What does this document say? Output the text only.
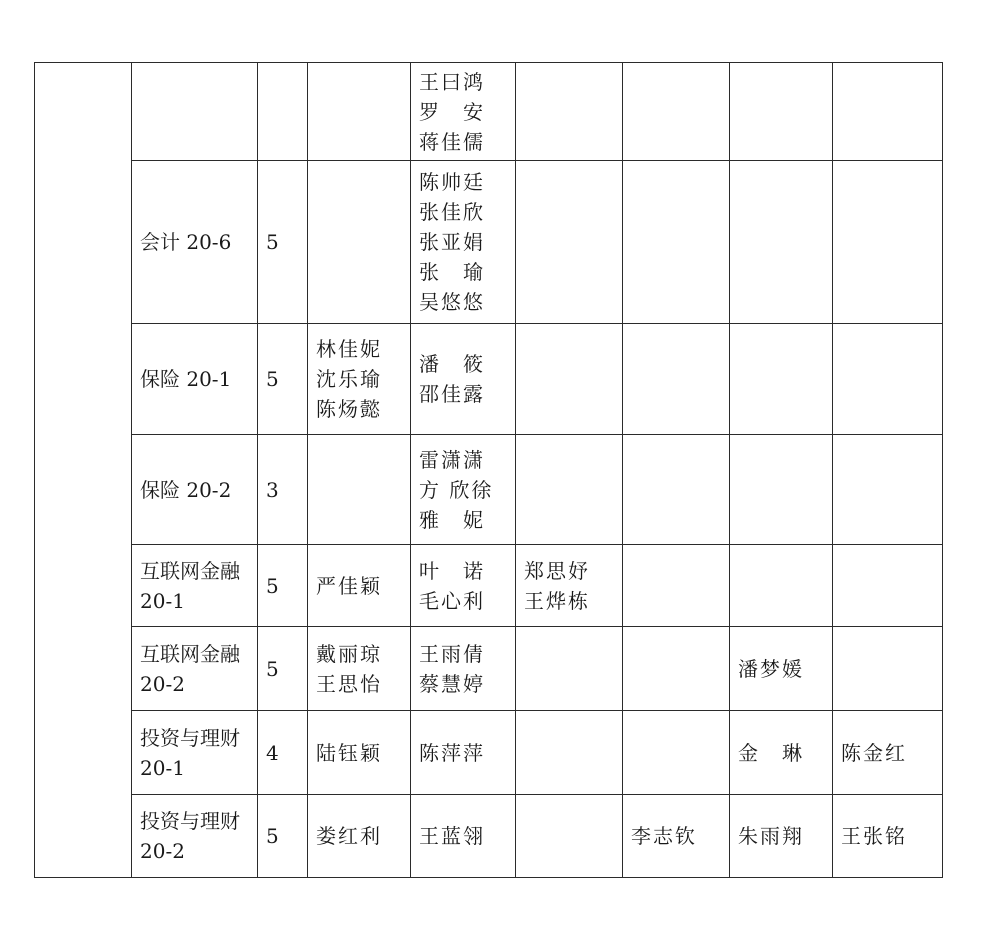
				王曰鸿
罗　安
蒋佳儒				

	会计 20-6	5		陈帅廷
张佳欣
张亚娟
张　瑜
吴悠悠				

	保险 20-1	5	林佳妮
沈乐瑜
陈炀懿	潘　筱
邵佳露				

	保险 20-2	3		雷潇潇
方 欣徐
雅　妮				

	互联网金融 20-1	5	严佳颖	叶　诺
毛心利	郑思妤
王烨栋			

	互联网金融 20-2	5	戴丽琼
王思怡	王雨倩
蔡慧婷			潘梦媛	

	投资与理财 20-1	4	陆钰颖	陈萍萍			金　琳	陈金红

	投资与理财 20-2	5	娄红利	王蓝翎		李志钦	朱雨翔	王张铭
